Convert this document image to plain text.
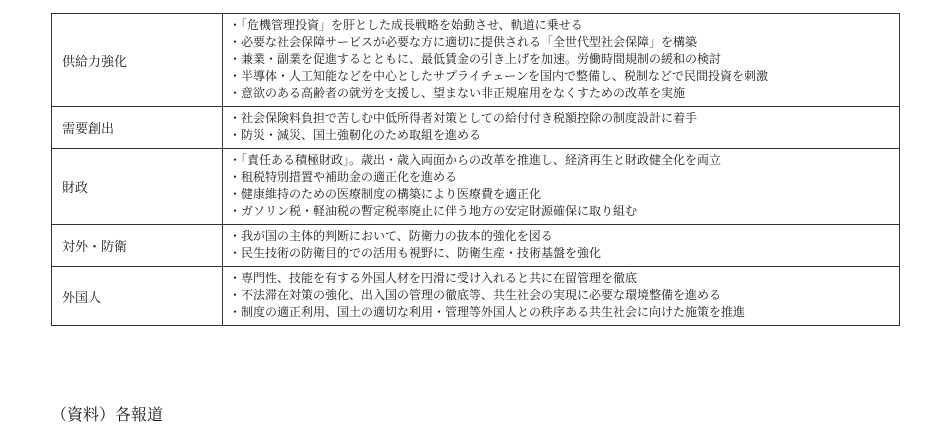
供給力強化	・「危機管理投資」を肝とした成長戦略を始動させ、軌道に乗せる
・必要な社会保障サービスが必要な方に適切に提供される「全世代型社会保障」を構築
・兼業・副業を促進するとともに、最低賃金の引き上げを加速。労働時間規制の緩和の検討
・半導体・人工知能などを中心としたサプライチェーンを国内で整備し、税制などで民間投資を刺激
・意欲のある高齢者の就労を支援し、望まない非正規雇用をなくすための改革を実施

需要創出	・社会保険料負担で苦しむ中低所得者対策としての給付付き税額控除の制度設計に着手
・防災・減災、国土強靭化のため取組を進める

財政	・「責任ある積極財政」。歳出・歳入両面からの改革を推進し、経済再生と財政健全化を両立
・租税特別措置や補助金の適正化を進める
・健康維持のための医療制度の構築により医療費を適正化
・ガソリン税・軽油税の暫定税率廃止に伴う地方の安定財源確保に取り組む

対外・防衛	・我が国の主体的判断において、防衛力の抜本的強化を図る
・民生技術の防衛目的での活用も視野に、防衛生産・技術基盤を強化

外国人	・専門性、技能を有する外国人材を円滑に受け入れると共に在留管理を徹底
・不法滞在対策の強化、出入国の管理の徹底等、共生社会の実現に必要な環境整備を進める
・制度の適正利用、国土の適切な利用・管理等外国人との秩序ある共生社会に向けた施策を推進
（資料）各報道
